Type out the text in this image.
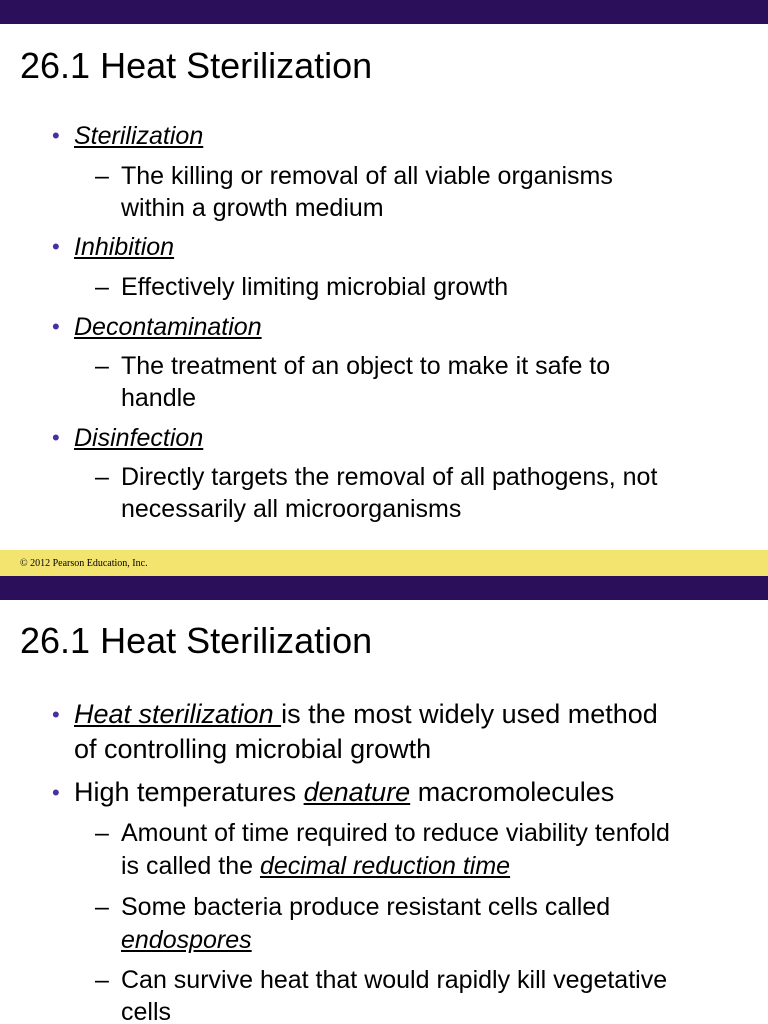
26.1 Heat Sterilization
• Sterilization
– The killing or removal of all viable organisms
within a growth medium
• Inhibition
– Effectively limiting microbial growth
• Decontamination
– The treatment of an object to make it safe to
handle
• Disinfection
– Directly targets the removal of all pathogens, not
necessarily all microorganisms
© 2012 Pearson Education, Inc.
26.1 Heat Sterilization
• Heat sterilization is the most widely used method
of controlling microbial growth
• High temperatures denature macromolecules
– Amount of time required to reduce viability tenfold
is called the decimal reduction time
– Some bacteria produce resistant cells called
endospores
– Can survive heat that would rapidly kill vegetative
cells
